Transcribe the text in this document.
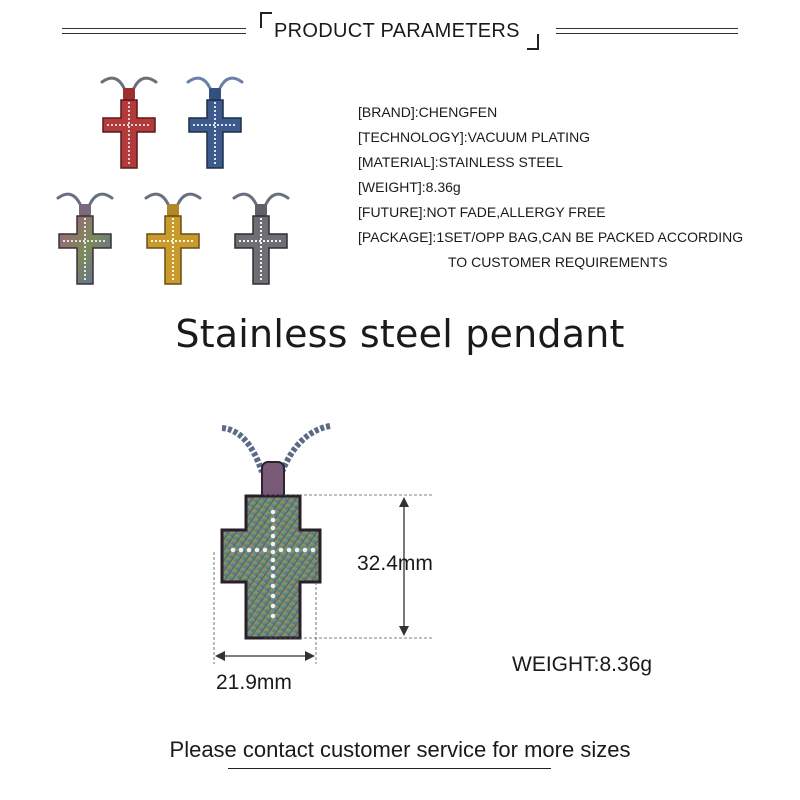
PRODUCT PARAMETERS
[BRAND]:CHENGFEN
[TECHNOLOGY]:VACUUM PLATING
[MATERIAL]:STAINLESS STEEL
[WEIGHT]:8.36g
[FUTURE]:NOT FADE,ALLERGY FREE
[PACKAGE]:1SET/OPP BAG,CAN BE PACKED ACCORDING
TO CUSTOMER REQUIREMENTS
Stainless steel pendant
32.4mm
21.9mm
WEIGHT:8.36g
Please contact customer service for more sizes
